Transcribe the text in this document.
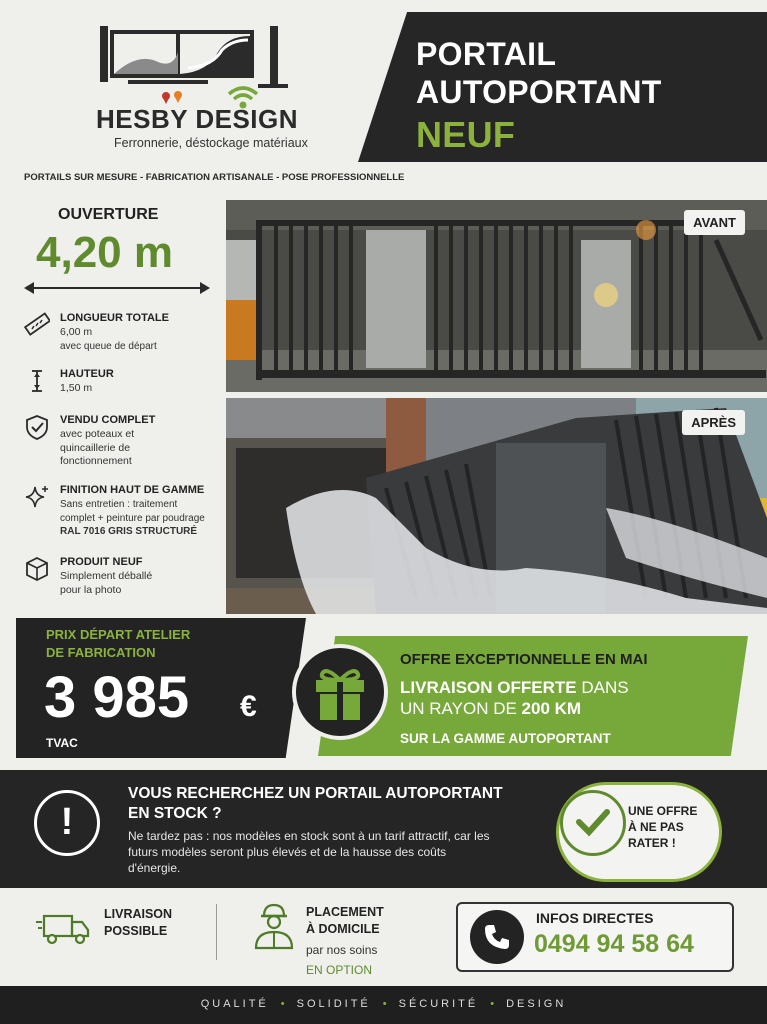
HESBY DESIGN
Ferronnerie, déstockage matériaux
PORTAIL
AUTOPORTANT
NEUF
PORTAILS SUR MESURE - FABRICATION ARTISANALE - POSE PROFESSIONNELLE
OUVERTURE
4,20 m
LONGUEUR TOTALE
6,00 m
avec queue de départ
HAUTEUR
1,50 m
VENDU COMPLET
avec poteaux et
quincaillerie de
fonctionnement
FINITION HAUT DE GAMME
Sans entretien : traitement
complet + peinture par poudrage
RAL 7016 GRIS STRUCTURÉ
PRODUIT NEUF
Simplement déballé
pour la photo
AVANT
APRÈS
PRIX DÉPART ATELIER
DE FABRICATION
3 985 €
TVAC
OFFRE EXCEPTIONNELLE EN MAI
LIVRAISON OFFERTE DANS
UN RAYON DE 200 KM
SUR LA GAMME AUTOPORTANT
!
VOUS RECHERCHEZ UN PORTAIL AUTOPORTANT
EN STOCK ?
Ne tardez pas : nos modèles en stock sont à un tarif attractif, car les futurs modèles seront plus élevés et de la hausse des coûts d'énergie.
UNE OFFRE
À NE PAS
RATER !
LIVRAISON
POSSIBLE
PLACEMENT
À DOMICILE
par nos soins
EN OPTION
INFOS DIRECTES
0494 94 58 64
QUALITÉ • SOLIDITÉ • SÉCURITÉ • DESIGN
